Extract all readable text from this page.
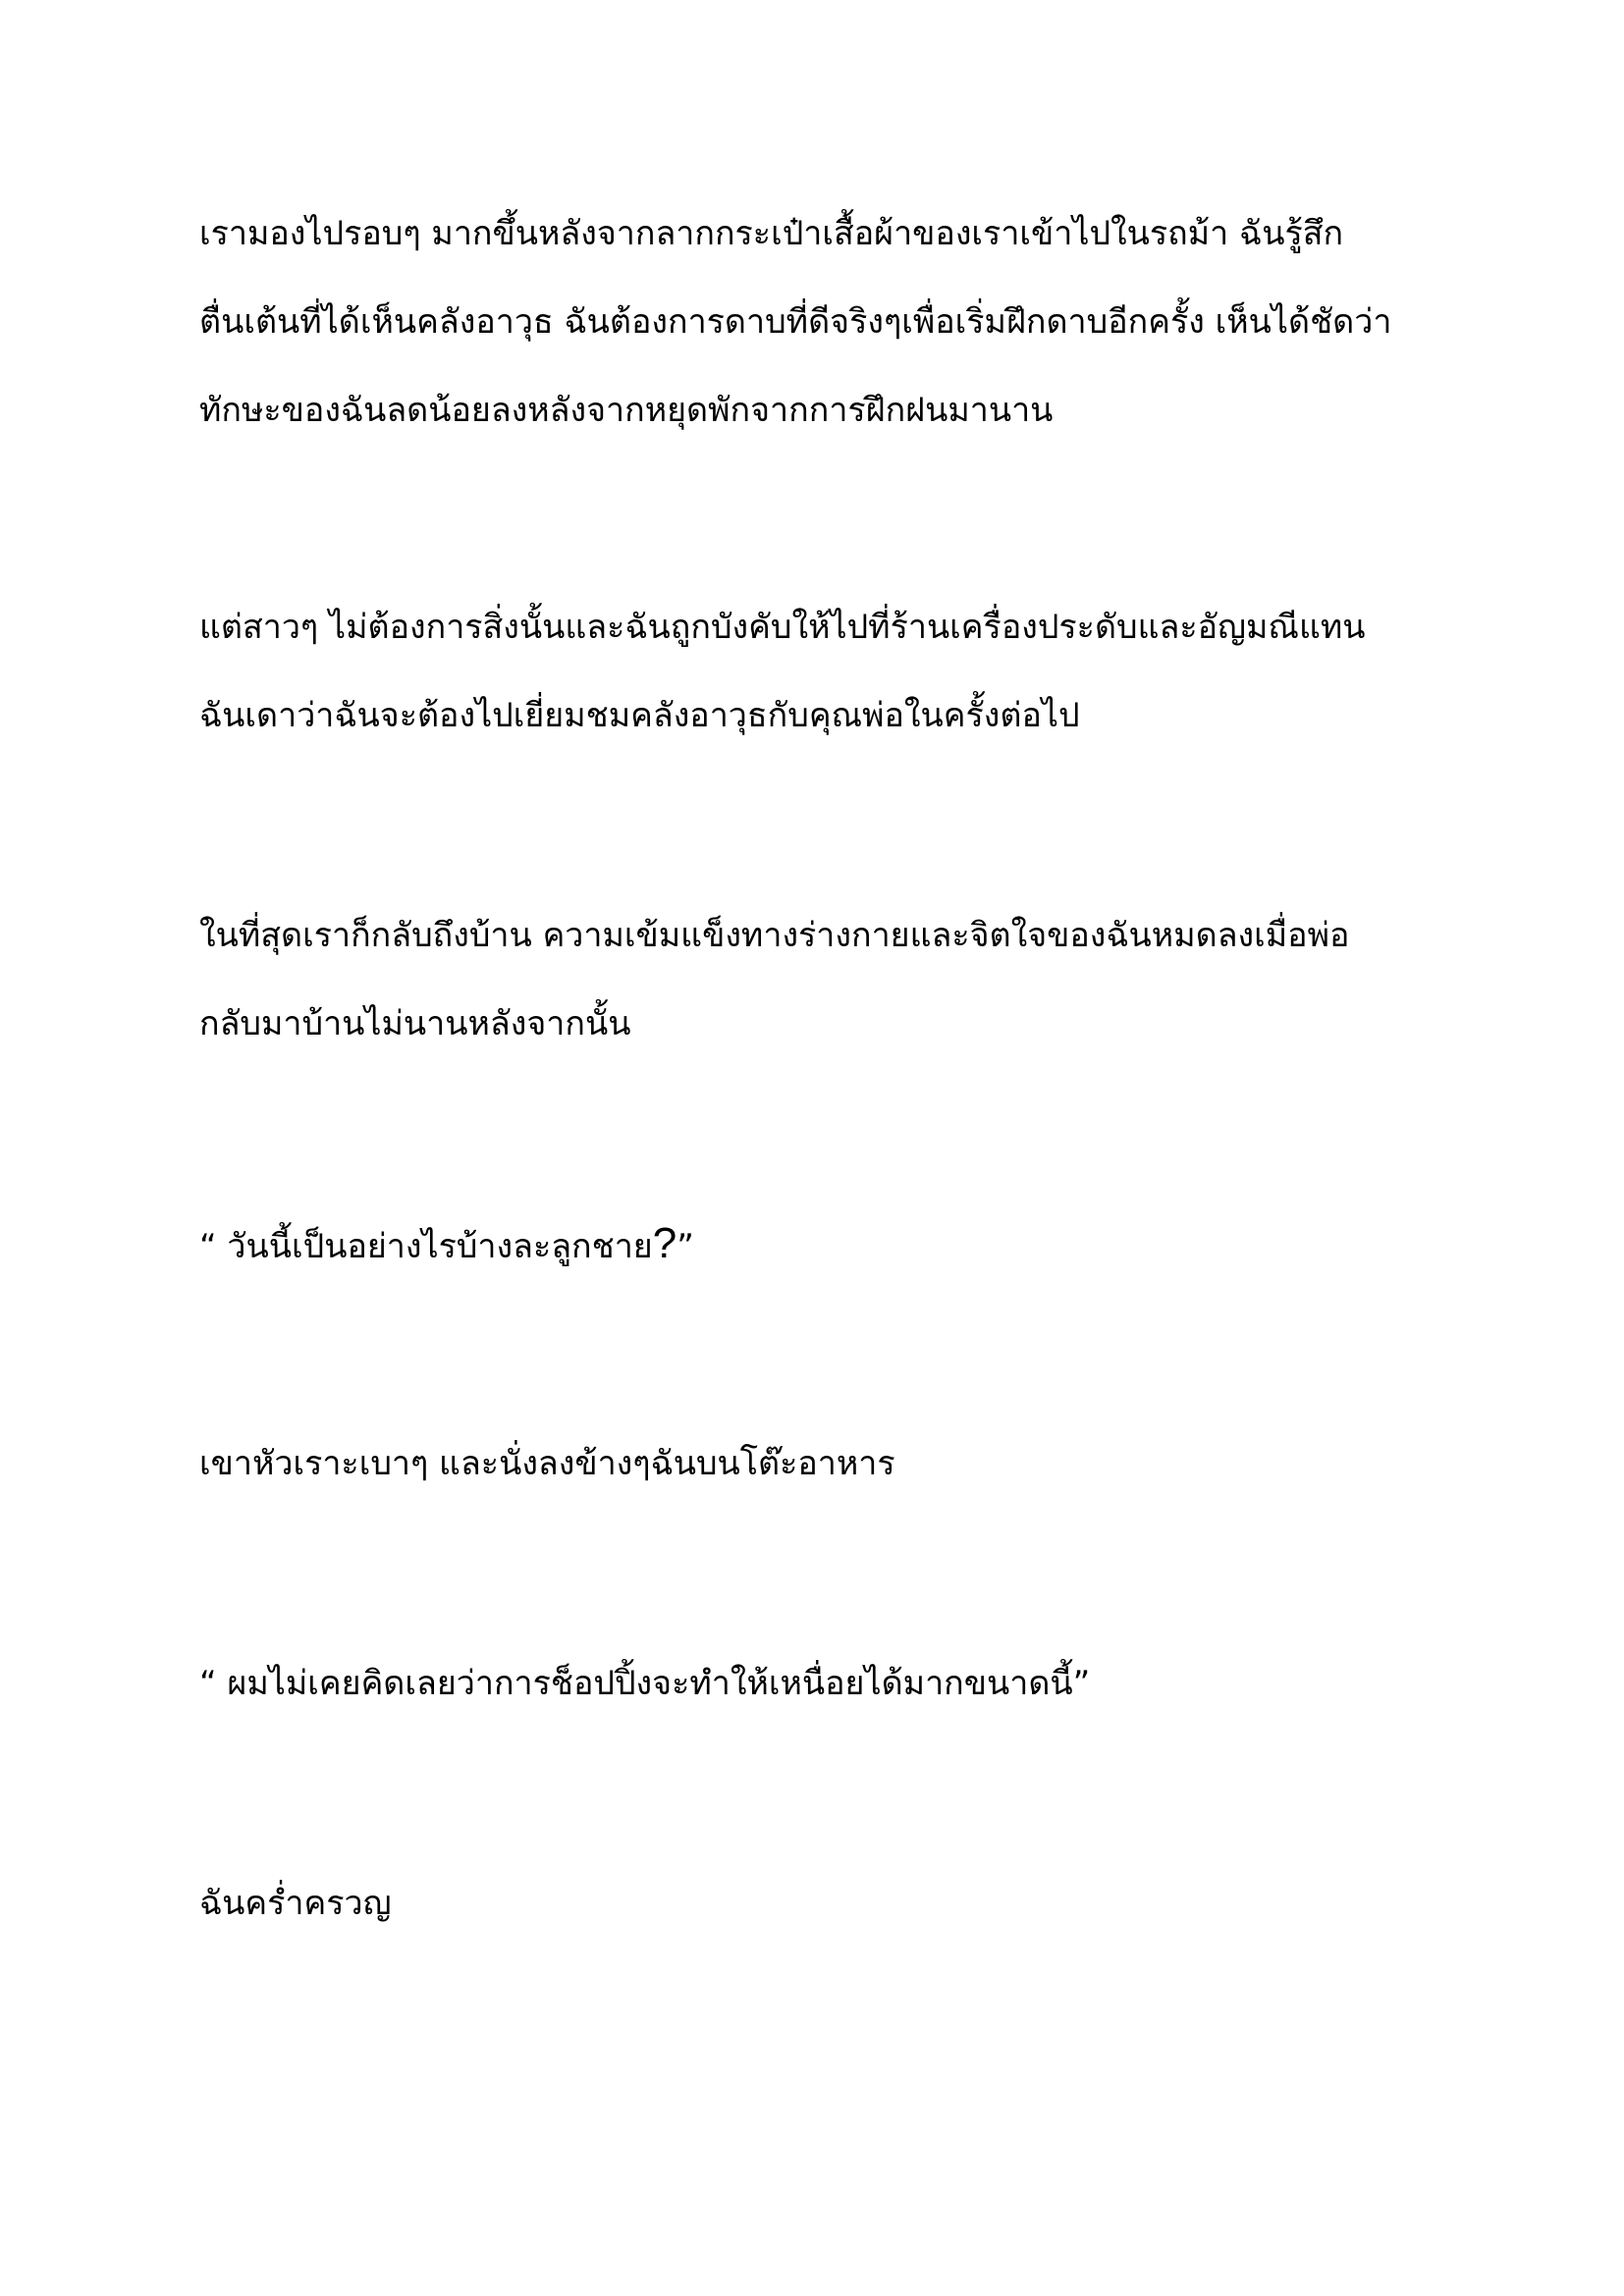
เรามองไปรอบๆ มากขึ้นหลังจากลากกระเป๋าเสื้อผ้าของเราเข้าไปในรถม้า ฉันรู้สึก
ตื่นเต้นที่ได้เห็นคลังอาวุธ ฉันต้องการดาบที่ดีจริงๆเพื่อเริ่มฝึกดาบอีกครั้ง เห็นได้ชัดว่า
ทักษะของฉันลดน้อยลงหลังจากหยุดพักจากการฝึกฝนมานาน
แต่สาวๆ ไม่ต้องการสิ่งนั้นและฉันถูกบังคับให้ไปที่ร้านเครื่องประดับและอัญมณีแทน
ฉันเดาว่าฉันจะต้องไปเยี่ยมชมคลังอาวุธกับคุณพ่อในครั้งต่อไป
ในที่สุดเราก็กลับถึงบ้าน ความเข้มแข็งทางร่างกายและจิตใจของฉันหมดลงเมื่อพ่อ
กลับมาบ้านไม่นานหลังจากนั้น
“ วันนี้เป็นอย่างไรบ้างละลูกชาย?”
เขาหัวเราะเบาๆ และนั่งลงข้างๆฉันบนโต๊ะอาหาร
“ ผมไม่เคยคิดเลยว่าการช็อปปิ้งจะทำให้เหนื่อยได้มากขนาดนี้”
ฉันคร่ำครวญ
